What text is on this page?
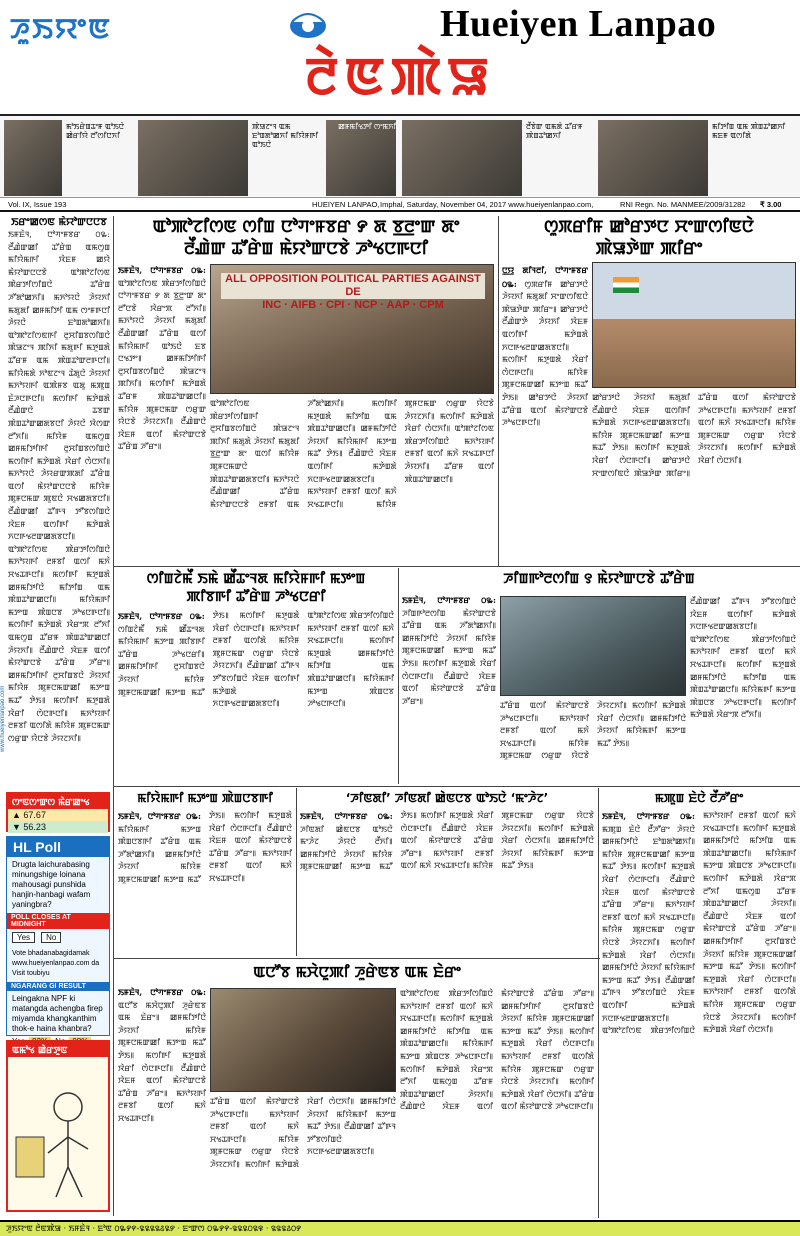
ꯍꯨꯏꯌꯦꯟ	Hueiyen Lanpao
ꯂꯥꯟꯄꯥꯎ
ꯃꯣꯏꯔꯥꯡꯊꯦꯝ ꯑꯣꯏꯅꯥ ꯀꯥꯔꯤꯌꯥ ꯂꯧꯁꯤꯅꯈꯤ
ꯄꯥꯎꯖꯦꯜ ꯑꯃ ꯐꯣꯡꯗꯣꯀꯈꯤ ꯃꯤꯌꯥꯝꯒꯤ ꯑꯣꯏꯅꯥ
ꯀꯝꯃꯤꯠꯇꯤ ꯁꯦꯃꯈꯤ	ꯂꯩꯕꯥꯛ ꯑꯃꯗꯥ ꯊꯧꯔꯝ ꯄꯥꯡꯊꯣꯀꯈꯤ
ꯃꯤꯇꯤꯡ ꯑꯃ ꯄꯥꯡꯊꯣꯀꯈꯤ ꯃꯐꯝ ꯑꯁꯤꯗꯥ
Vol. IX, Issue 193	HUEIYEN LANPAO, Imphal, Saturday, November 04, 2017 www.hueiyenlanpao.com,	RNI Regn. No. MANMEE/2009/31282 ₹ 3.00
www.hueiyenlanpao.com
ꯏꯔꯦꯀꯁꯟ ꯃꯥꯌꯣꯛꯅꯅꯕ

ꯏꯝꯐꯥꯜ, ꯅꯣꯚꯦꯝꯕꯔ ꯰꯳: ꯂꯩꯉꯥꯛꯀꯤ ꯊꯧꯔꯥꯡ ꯑꯃꯁꯨꯡ ꯃꯤꯌꯥꯃꯒꯤ ꯋꯥꯐꯝ ꯀꯌꯥ ꯃꯥꯌꯣꯛꯅꯅꯕꯥ ꯑꯣꯄꯣꯖꯤꯁꯟ ꯄꯥꯔꯇꯤꯁꯤꯡꯅꯥ ꯊꯧꯔꯥꯡ ꯍꯧꯗꯣꯀꯈꯤ꯫ ꯃꯈꯣꯌꯅꯥ ꯍꯥꯌꯈꯤ ꯃꯗꯨꯗꯤ ꯀꯝꯃꯤꯇꯤ ꯑꯃ ꯁꯦꯝꯒꯅꯤ ꯍꯥꯌꯅꯥ ꯐꯣꯡꯗꯣꯀꯈꯤ꯫ ꯑꯣꯄꯣꯖꯤꯁꯟꯒꯤ ꯂꯨꯆꯤꯡꯕꯁꯤꯡꯅꯥ ꯄꯥꯎꯖꯦꯜ ꯄꯤꯈꯤ ꯃꯗꯨꯒꯤ ꯃꯇꯨꯡꯗꯥ ꯊꯧꯔꯝ ꯑꯃ ꯄꯥꯡꯊꯣꯛꯂꯒꯅꯤ꯫ ꯃꯤꯌꯥꯃꯗꯥ ꯈꯣꯟꯖꯦꯜ ꯊꯥꯗꯨꯅꯥ ꯍꯥꯌꯈꯤ ꯃꯈꯣꯌꯒꯤ ꯑꯄꯥꯝꯕ ꯑꯗꯨ ꯃꯄꯨꯡ ꯐꯥꯍꯅꯒꯅꯤ꯫ ꯃꯁꯤꯒꯤ ꯃꯇꯥꯡꯗꯥ ꯂꯩꯉꯥꯛꯅꯥ ꯊꯕꯛ ꯄꯥꯡꯊꯣꯛꯀꯗꯕꯅꯤ ꯍꯥꯌꯅꯥ ꯋꯥꯁꯛ ꯂꯧꯈꯤ꯫ ꯃꯤꯌꯥꯝ ꯑꯃꯁꯨꯡ ꯀꯝꯃꯤꯇꯤꯒꯤ ꯂꯨꯆꯤꯡꯕꯁꯤꯡꯅꯥ ꯃꯁꯤꯒꯤ ꯃꯇꯥꯡꯗꯥ ꯋꯥꯔꯤ ꯁꯥꯅꯈꯤ꯫ ꯃꯈꯣꯌꯅꯥ ꯍꯥꯌꯔꯛꯄꯗꯤ ꯊꯧꯔꯥꯡ ꯑꯁꯤ ꯃꯥꯌꯣꯛꯅꯅꯕꯥ ꯃꯤꯌꯥꯝ ꯄꯨꯝꯅꯃꯛ ꯄꯨꯟꯅꯥ ꯆꯠꯀꯗꯕꯅꯤ꯫ ꯂꯩꯉꯥꯛꯀꯤ ꯊꯧꯒꯜ ꯇꯧꯕꯁꯤꯡꯅꯥ ꯋꯥꯐꯝ ꯑꯁꯤꯒꯤ ꯃꯇꯥꯡꯗꯥ ꯈꯅꯒꯠꯂꯛꯀꯗꯕꯅꯤ꯫ ꯑꯣꯄꯣꯖꯤꯁꯟ ꯄꯥꯔꯇꯤꯁꯤꯡꯅꯥ ꯃꯈꯣꯌꯒꯤ ꯂꯝꯕꯤ ꯑꯁꯤ ꯃꯈꯥ ꯆꯠꯊꯒꯅꯤ꯫ ꯃꯁꯤꯒꯤ ꯃꯇꯨꯡꯗꯥ ꯀꯝꯃꯤꯇꯤꯅꯥ ꯃꯤꯇꯤꯡ ꯑꯃ ꯄꯥꯡꯊꯣꯛꯀꯅꯤ꯫ ꯃꯤꯌꯥꯃꯒꯤ ꯃꯇꯦꯡ ꯄꯥꯡꯅꯕ ꯍꯣꯠꯅꯒꯅꯤ꯫ ꯃꯁꯤꯒꯤ ꯃꯇꯥꯡꯗꯥ ꯋꯥꯔꯦꯞ ꯂꯧꯈꯤ ꯑꯃꯁꯨꯡ ꯊꯧꯔꯝ ꯄꯥꯡꯊꯣꯛꯀꯅꯤ ꯍꯥꯌꯈꯤ꯫ ꯂꯩꯉꯥꯛꯅꯥ ꯋꯥꯐꯝ ꯑꯁꯤ ꯃꯥꯌꯣꯛꯅꯕꯥ ꯊꯧꯔꯥꯡ ꯍꯧꯔꯦ꯫ ꯀꯝꯃꯤꯇꯤꯒꯤ ꯂꯨꯆꯤꯡꯕꯅꯥ ꯍꯥꯌꯈꯤ ꯃꯤꯌꯥꯝ ꯄꯨꯝꯅꯃꯛꯀꯤ ꯃꯇꯦꯡ ꯃꯊꯧ ꯇꯥꯏ꯫ ꯃꯁꯤꯒꯤ ꯃꯇꯨꯡꯗꯥ ꯋꯥꯔꯤ ꯁꯥꯅꯒꯅꯤ꯫ ꯃꯈꯣꯌꯒꯤ ꯂꯝꯕꯤ ꯑꯁꯤꯗꯥ ꯃꯤꯌꯥꯝ ꯄꯨꯝꯅꯃꯛ ꯁꯔꯨꯛ ꯌꯥꯅꯕꯥ ꯍꯥꯌꯖꯈꯤ꯫

ꯁꯦꯟꯁꯦꯛꯁ ꯃꯥꯔꯀꯦꯠ
▲ 67.67
▼ 56.23
HL Poll
Drugta laichurabasing minungshige loinana mahousagi punshida hanjin-hanbagi wafam yaningbra?
POLL CLOSES AT MIDNIGHT
Yes	No
Vote bhadanabagidamak www.hueiyenlanpao.com da Visit toubiyu
NGARANG GI RESULT
Leingakna NPF ki matangda achengba firep miyamda khangkanthim thok-e haina khanbra?
ꯑꯃꯣꯠ ꯀꯥꯔꯇꯨꯟ
ꯑꯣꯄꯣꯖꯤꯁꯟ ꯁꯤꯡ ꯅꯣꯚꯦꯝꯕꯔ ꯸ ꯗ ꯕ꯭ꯂꯦꯛ ꯗꯦ
ꯂꯩꯉꯥꯛ ꯊꯧꯔꯥꯡ ꯃꯥꯌꯣꯛꯅꯕꯥ ꯍꯣꯠꯅꯒꯅꯤ
ꯏꯝꯐꯥꯜ, ꯅꯣꯚꯦꯝꯕꯔ ꯰꯳: ꯑꯣꯄꯣꯖꯤꯁꯟ ꯄꯥꯔꯇꯤꯁꯤꯡꯅꯥ ꯅꯣꯚꯦꯝꯕꯔ ꯸ ꯗ ꯕ꯭ꯂꯦꯛ ꯗꯦ ꯂꯧꯅꯕꯥ ꯋꯥꯔꯦꯞ ꯂꯧꯈꯤ꯫ ꯃꯈꯣꯌꯅꯥ ꯍꯥꯌꯈꯤ ꯃꯗꯨꯗꯤ ꯂꯩꯉꯥꯛꯀꯤ ꯊꯧꯔꯥꯡ ꯑꯁꯤ ꯃꯤꯌꯥꯃꯒꯤ ꯑꯣꯏꯅꯥ ꯐꯕ ꯅꯠꯇꯦ꯫ ꯀꯝꯃꯤꯇꯤꯒꯤ ꯂꯨꯆꯤꯡꯕꯁꯤꯡꯅꯥ ꯄꯥꯎꯖꯦꯜ ꯄꯤꯈꯤ꯫ ꯃꯁꯤꯒꯤ ꯃꯇꯥꯡꯗꯥ ꯊꯧꯔꯝ ꯄꯥꯡꯊꯣꯛꯀꯅꯤ꯫ ꯃꯤꯌꯥꯝ ꯄꯨꯝꯅꯃꯛ ꯁꯔꯨꯛ ꯌꯥꯅꯕꯥ ꯍꯥꯌꯖꯈꯤ꯫ ꯂꯩꯉꯥꯛꯅꯥ ꯋꯥꯐꯝ ꯑꯁꯤ ꯃꯥꯌꯣꯛꯅꯕꯥ ꯊꯧꯔꯥꯡ ꯍꯧꯔꯦ꯫
ALL OPPOSITION POLITICAL PARTIES AGAINST DE
INC · AIFB · CPI · NCP · AAP · CPM
ꯑꯣꯄꯣꯖꯤꯁꯟ ꯄꯥꯔꯇꯤꯁꯤꯡꯒꯤ ꯂꯨꯆꯤꯡꯕꯁꯤꯡꯅꯥ ꯄꯥꯎꯖꯦꯜ ꯄꯤꯈꯤ ꯃꯗꯨꯗꯥ ꯍꯥꯌꯈꯤ ꯃꯗꯨꯗꯤ ꯕ꯭ꯂꯦꯛ ꯗꯦ ꯑꯁꯤ ꯃꯤꯌꯥꯝ ꯄꯨꯝꯅꯃꯛꯅꯥ ꯄꯥꯡꯊꯣꯛꯀꯗꯕꯅꯤ꯫ ꯃꯈꯣꯌꯅꯥ ꯂꯩꯉꯥꯛꯀꯤ ꯊꯧꯔꯥꯡ ꯃꯥꯌꯣꯛꯅꯅꯕꯥ ꯂꯝꯕꯤ ꯑꯃ ꯍꯧꯗꯣꯀꯈꯤ꯫ ꯃꯁꯤꯒꯤ ꯃꯇꯨꯡꯗꯥ ꯃꯤꯇꯤꯡ ꯑꯃ ꯄꯥꯡꯊꯣꯛꯀꯅꯤ꯫ ꯀꯝꯃꯤꯇꯤꯅꯥ ꯍꯥꯌꯈꯤ ꯃꯤꯌꯥꯃꯒꯤ ꯃꯇꯦꯡ ꯃꯊꯧ ꯇꯥꯏ꯫ ꯂꯩꯉꯥꯛꯅꯥ ꯋꯥꯐꯝ ꯑꯁꯤꯒꯤ ꯃꯇꯥꯡꯗꯥ ꯈꯅꯒꯠꯂꯛꯀꯗꯕꯅꯤ꯫ ꯃꯈꯣꯌꯒꯤ ꯂꯝꯕꯤ ꯑꯁꯤ ꯃꯈꯥ ꯆꯠꯊꯒꯅꯤ꯫ ꯃꯤꯌꯥꯝ ꯄꯨꯝꯅꯃꯛ ꯁꯔꯨꯛ ꯌꯥꯅꯕꯥ ꯍꯥꯌꯖꯈꯤ꯫ ꯃꯁꯤꯒꯤ ꯃꯇꯥꯡꯗꯥ ꯋꯥꯔꯤ ꯁꯥꯅꯈꯤ꯫ ꯑꯣꯄꯣꯖꯤꯁꯟ ꯄꯥꯔꯇꯤꯁꯤꯡꯅꯥ ꯃꯈꯣꯌꯒꯤ ꯂꯝꯕꯤ ꯑꯁꯤ ꯃꯈꯥ ꯆꯠꯊꯒꯅꯤ ꯍꯥꯌꯈꯤ꯫ ꯊꯧꯔꯝ ꯑꯁꯤ ꯄꯥꯡꯊꯣꯛꯀꯅꯤ꯫
ꯁꯨꯞꯔꯤꯝ ꯀꯣꯔꯇꯅ ꯆꯦꯛꯁꯤꯟꯅꯥ
ꯄꯥꯎꯇꯥꯛ ꯄꯤꯔꯦ
ꯅ꯭ꯌꯨ ꯗꯤꯜꯂꯤ, ꯅꯣꯚꯦꯝꯕꯔ ꯰꯳: ꯁꯨꯞꯔꯤꯝ ꯀꯣꯔꯇꯅꯥ ꯍꯥꯌꯈꯤ ꯃꯗꯨꯗꯤ ꯆꯦꯛꯁꯤꯟꯅꯥ ꯄꯥꯎꯇꯥꯛ ꯄꯤꯔꯦ꯫ ꯀꯣꯔꯇꯅꯥ ꯂꯩꯉꯥꯛꯇꯥ ꯍꯥꯌꯈꯤ ꯋꯥꯐꯝ ꯑꯁꯤꯒꯤ ꯃꯇꯥꯡꯗꯥ ꯈꯅꯒꯠꯂꯛꯀꯗꯕꯅꯤ꯫ ꯃꯁꯤꯒꯤ ꯃꯇꯨꯡꯗꯥ ꯋꯥꯔꯤ ꯁꯥꯅꯒꯅꯤ꯫ ꯃꯤꯌꯥꯝ ꯄꯨꯝꯅꯃꯛꯀꯤ ꯃꯇꯦꯡ ꯃꯊꯧ ꯇꯥꯏ꯫ ꯀꯣꯔꯇꯅꯥ ꯍꯥꯌꯈꯤ ꯊꯧꯔꯥꯡ ꯑꯁꯤ ꯃꯥꯌꯣꯛꯅꯕꯥ ꯍꯣꯠꯅꯒꯅꯤ꯫
ꯀꯣꯔꯇꯅꯥ ꯍꯥꯌꯈꯤ ꯃꯗꯨꯗꯤ ꯂꯩꯉꯥꯛꯅꯥ ꯋꯥꯐꯝ ꯑꯁꯤꯒꯤ ꯃꯇꯥꯡꯗꯥ ꯈꯅꯒꯠꯂꯛꯀꯗꯕꯅꯤ꯫ ꯃꯤꯌꯥꯝ ꯄꯨꯝꯅꯃꯛꯀꯤ ꯃꯇꯦꯡ ꯃꯊꯧ ꯇꯥꯏ꯫ ꯃꯁꯤꯒꯤ ꯃꯇꯨꯡꯗꯥ ꯋꯥꯔꯤ ꯁꯥꯅꯒꯅꯤ꯫ ꯀꯣꯔꯇꯅꯥ ꯆꯦꯛꯁꯤꯟꯅꯥ ꯄꯥꯎꯇꯥꯛ ꯄꯤꯔꯦ꯫ ꯊꯧꯔꯥꯡ ꯑꯁꯤ ꯃꯥꯌꯣꯛꯅꯕꯥ ꯍꯣꯠꯅꯒꯅꯤ꯫ ꯃꯈꯣꯌꯒꯤ ꯂꯝꯕꯤ ꯑꯁꯤ ꯃꯈꯥ ꯆꯠꯊꯒꯅꯤ꯫ ꯃꯤꯌꯥꯝ ꯄꯨꯝꯅꯃꯛ ꯁꯔꯨꯛ ꯌꯥꯅꯕꯥ ꯍꯥꯌꯖꯈꯤ꯫ ꯃꯁꯤꯒꯤ ꯃꯇꯥꯡꯗꯥ ꯋꯥꯔꯤ ꯁꯥꯅꯈꯤ꯫
ꯁꯤꯡꯖꯥꯃꯩ ꯏꯃꯥ ꯀꯩꯊꯦꯜꯗ ꯃꯤꯌꯥꯝꯒꯤ ꯃꯇꯦꯡ
ꯄꯤꯕꯒꯤ ꯊꯧꯔꯥꯡ ꯍꯣꯠꯅꯔꯤ
ꯏꯝꯐꯥꯜ, ꯅꯣꯚꯦꯝꯕꯔ ꯰꯳: ꯁꯤꯡꯖꯥꯃꯩ ꯏꯃꯥ ꯀꯩꯊꯦꯜꯗ ꯃꯤꯌꯥꯃꯒꯤ ꯃꯇꯦꯡ ꯄꯤꯕꯒꯤ ꯊꯧꯔꯥꯡ ꯍꯣꯠꯅꯔꯤ꯫ ꯀꯝꯃꯤꯇꯤꯒꯤ ꯂꯨꯆꯤꯡꯕꯅꯥ ꯍꯥꯌꯈꯤ ꯃꯤꯌꯥꯝ ꯄꯨꯝꯅꯃꯛꯀꯤ ꯃꯇꯦꯡ ꯃꯊꯧ ꯇꯥꯏ꯫ ꯃꯁꯤꯒꯤ ꯃꯇꯨꯡꯗꯥ ꯋꯥꯔꯤ ꯁꯥꯅꯒꯅꯤ꯫ ꯃꯈꯣꯌꯒꯤ ꯂꯝꯕꯤ ꯑꯁꯤꯗꯥ ꯃꯤꯌꯥꯝ ꯄꯨꯝꯅꯃꯛ ꯁꯔꯨꯛ ꯌꯥꯅꯕꯥ ꯍꯥꯌꯖꯈꯤ꯫ ꯂꯩꯉꯥꯛꯀꯤ ꯊꯧꯒꯜ ꯇꯧꯕꯁꯤꯡꯅꯥ ꯋꯥꯐꯝ ꯑꯁꯤꯒꯤ ꯃꯇꯥꯡꯗꯥ ꯈꯅꯒꯠꯂꯛꯀꯗꯕꯅꯤ꯫ ꯑꯣꯄꯣꯖꯤꯁꯟ ꯄꯥꯔꯇꯤꯁꯤꯡꯅꯥ ꯃꯈꯣꯌꯒꯤ ꯂꯝꯕꯤ ꯑꯁꯤ ꯃꯈꯥ ꯆꯠꯊꯒꯅꯤ꯫ ꯃꯁꯤꯒꯤ ꯃꯇꯨꯡꯗꯥ ꯀꯝꯃꯤꯇꯤꯅꯥ ꯃꯤꯇꯤꯡ ꯑꯃ ꯄꯥꯡꯊꯣꯛꯀꯅꯤ꯫ ꯃꯤꯌꯥꯃꯒꯤ ꯃꯇꯦꯡ ꯄꯥꯡꯅꯕ ꯍꯣꯠꯅꯒꯅꯤ꯫
ꯍꯤꯡꯒꯣꯂꯁꯤꯡ ꯱ ꯃꯥꯌꯣꯛꯅꯕꯥ ꯊꯧꯔꯥꯡ
ꯏꯝꯐꯥꯜ, ꯅꯣꯚꯦꯝꯕꯔ ꯰꯳: ꯍꯤꯡꯒꯣꯂꯁꯤꯡ ꯃꯥꯌꯣꯛꯅꯕꯥ ꯊꯧꯔꯥꯡ ꯑꯃ ꯍꯧꯗꯣꯀꯈꯤ꯫ ꯀꯝꯃꯤꯇꯤꯅꯥ ꯍꯥꯌꯈꯤ ꯃꯤꯌꯥꯝ ꯄꯨꯝꯅꯃꯛꯀꯤ ꯃꯇꯦꯡ ꯃꯊꯧ ꯇꯥꯏ꯫ ꯃꯁꯤꯒꯤ ꯃꯇꯨꯡꯗꯥ ꯋꯥꯔꯤ ꯁꯥꯅꯒꯅꯤ꯫ ꯂꯩꯉꯥꯛꯅꯥ ꯋꯥꯐꯝ ꯑꯁꯤ ꯃꯥꯌꯣꯛꯅꯕꯥ ꯊꯧꯔꯥꯡ ꯍꯧꯔꯦ꯫	ꯊꯧꯔꯥꯡ ꯑꯁꯤ ꯃꯥꯌꯣꯛꯅꯕꯥ ꯍꯣꯠꯅꯒꯅꯤ꯫ ꯃꯈꯣꯌꯒꯤ ꯂꯝꯕꯤ ꯑꯁꯤ ꯃꯈꯥ ꯆꯠꯊꯒꯅꯤ꯫ ꯃꯤꯌꯥꯝ ꯄꯨꯝꯅꯃꯛ ꯁꯔꯨꯛ ꯌꯥꯅꯕꯥ ꯍꯥꯌꯖꯈꯤ꯫ ꯃꯁꯤꯒꯤ ꯃꯇꯥꯡꯗꯥ ꯋꯥꯔꯤ ꯁꯥꯅꯈꯤ꯫ ꯀꯝꯃꯤꯇꯤꯅꯥ ꯍꯥꯌꯈꯤ ꯃꯤꯌꯥꯃꯒꯤ ꯃꯇꯦꯡ ꯃꯊꯧ ꯇꯥꯏ꯫
ꯂꯩꯉꯥꯛꯀꯤ ꯊꯧꯒꯜ ꯇꯧꯕꯁꯤꯡꯅꯥ ꯋꯥꯐꯝ ꯑꯁꯤꯒꯤ ꯃꯇꯥꯡꯗꯥ ꯈꯅꯒꯠꯂꯛꯀꯗꯕꯅꯤ꯫ ꯑꯣꯄꯣꯖꯤꯁꯟ ꯄꯥꯔꯇꯤꯁꯤꯡꯅꯥ ꯃꯈꯣꯌꯒꯤ ꯂꯝꯕꯤ ꯑꯁꯤ ꯃꯈꯥ ꯆꯠꯊꯒꯅꯤ꯫ ꯃꯁꯤꯒꯤ ꯃꯇꯨꯡꯗꯥ ꯀꯝꯃꯤꯇꯤꯅꯥ ꯃꯤꯇꯤꯡ ꯑꯃ ꯄꯥꯡꯊꯣꯛꯀꯅꯤ꯫ ꯃꯤꯌꯥꯃꯒꯤ ꯃꯇꯦꯡ ꯄꯥꯡꯅꯕ ꯍꯣꯠꯅꯒꯅꯤ꯫ ꯃꯁꯤꯒꯤ ꯃꯇꯥꯡꯗꯥ ꯋꯥꯔꯦꯞ ꯂꯧꯈꯤ꯫
ꯃꯤꯌꯥꯃꯒꯤ ꯃꯇꯦꯡ ꯄꯥꯡꯅꯕꯒꯤ
ꯏꯝꯐꯥꯜ, ꯅꯣꯚꯦꯝꯕꯔ ꯰꯳: ꯃꯤꯌꯥꯃꯒꯤ ꯃꯇꯦꯡ ꯄꯥꯡꯅꯕꯒꯤ ꯊꯧꯔꯥꯡ ꯑꯃ ꯍꯧꯗꯣꯀꯈꯤ꯫ ꯀꯝꯃꯤꯇꯤꯅꯥ ꯍꯥꯌꯈꯤ ꯃꯤꯌꯥꯝ ꯄꯨꯝꯅꯃꯛꯀꯤ ꯃꯇꯦꯡ ꯃꯊꯧ ꯇꯥꯏ꯫ ꯃꯁꯤꯒꯤ ꯃꯇꯨꯡꯗꯥ ꯋꯥꯔꯤ ꯁꯥꯅꯒꯅꯤ꯫ ꯂꯩꯉꯥꯛꯅꯥ ꯋꯥꯐꯝ ꯑꯁꯤ ꯃꯥꯌꯣꯛꯅꯕꯥ ꯊꯧꯔꯥꯡ ꯍꯧꯔꯦ꯫ ꯃꯈꯣꯌꯒꯤ ꯂꯝꯕꯤ ꯑꯁꯤ ꯃꯈꯥ ꯆꯠꯊꯒꯅꯤ꯫
‘ꯍꯤꯟꯗꯤ’ ꯍꯤꯟꯗꯤ ꯀꯥꯟꯅꯕ ꯑꯣꯏꯅꯥ ‘ꯃꯦꯍꯥꯖ’
ꯏꯝꯐꯥꯜ, ꯅꯣꯚꯦꯝꯕꯔ ꯰꯳: ꯍꯤꯟꯗꯤ ꯀꯥꯟꯅꯕ ꯑꯣꯏꯅꯥ ꯃꯦꯍꯥꯖ ꯍꯥꯌꯅꯥ ꯂꯩꯈꯤ꯫ ꯀꯝꯃꯤꯇꯤꯅꯥ ꯍꯥꯌꯈꯤ ꯃꯤꯌꯥꯝ ꯄꯨꯝꯅꯃꯛꯀꯤ ꯃꯇꯦꯡ ꯃꯊꯧ ꯇꯥꯏ꯫ ꯃꯁꯤꯒꯤ ꯃꯇꯨꯡꯗꯥ ꯋꯥꯔꯤ ꯁꯥꯅꯒꯅꯤ꯫ ꯂꯩꯉꯥꯛꯅꯥ ꯋꯥꯐꯝ ꯑꯁꯤ ꯃꯥꯌꯣꯛꯅꯕꯥ ꯊꯧꯔꯥꯡ ꯍꯧꯔꯦ꯫ ꯃꯈꯣꯌꯒꯤ ꯂꯝꯕꯤ ꯑꯁꯤ ꯃꯈꯥ ꯆꯠꯊꯒꯅꯤ꯫ ꯃꯤꯌꯥꯝ ꯄꯨꯝꯅꯃꯛ ꯁꯔꯨꯛ ꯌꯥꯅꯕꯥ ꯍꯥꯌꯖꯈꯤ꯫ ꯃꯁꯤꯒꯤ ꯃꯇꯥꯡꯗꯥ ꯋꯥꯔꯤ ꯁꯥꯅꯈꯤ꯫ ꯀꯝꯃꯤꯇꯤꯅꯥ ꯍꯥꯌꯈꯤ ꯃꯤꯌꯥꯃꯒꯤ ꯃꯇꯦꯡ ꯃꯊꯧ ꯇꯥꯏ꯫
ꯃꯄꯨꯡ ꯐꯥꯅꯥ ꯂꯩꯍꯧꯔꯦ
ꯏꯝꯐꯥꯜ, ꯅꯣꯚꯦꯝꯕꯔ ꯰꯳: ꯃꯄꯨꯡ ꯐꯥꯅꯥ ꯂꯩꯍꯧꯔꯦ ꯍꯥꯌꯅꯥ ꯀꯝꯃꯤꯇꯤꯅꯥ ꯐꯣꯡꯗꯣꯀꯈꯤ꯫ ꯃꯤꯌꯥꯝ ꯄꯨꯝꯅꯃꯛꯀꯤ ꯃꯇꯦꯡ ꯃꯊꯧ ꯇꯥꯏ꯫ ꯃꯁꯤꯒꯤ ꯃꯇꯨꯡꯗꯥ ꯋꯥꯔꯤ ꯁꯥꯅꯒꯅꯤ꯫ ꯂꯩꯉꯥꯛꯅꯥ ꯋꯥꯐꯝ ꯑꯁꯤ ꯃꯥꯌꯣꯛꯅꯕꯥ ꯊꯧꯔꯥꯡ ꯍꯧꯔꯦ꯫ ꯃꯈꯣꯌꯒꯤ ꯂꯝꯕꯤ ꯑꯁꯤ ꯃꯈꯥ ꯆꯠꯊꯒꯅꯤ꯫ ꯃꯤꯌꯥꯝ ꯄꯨꯝꯅꯃꯛ ꯁꯔꯨꯛ ꯌꯥꯅꯕꯥ ꯍꯥꯌꯖꯈꯤ꯫ ꯃꯁꯤꯒꯤ ꯃꯇꯥꯡꯗꯥ ꯋꯥꯔꯤ ꯁꯥꯅꯈꯤ꯫ ꯀꯝꯃꯤꯇꯤꯅꯥ ꯍꯥꯌꯈꯤ ꯃꯤꯌꯥꯃꯒꯤ ꯃꯇꯦꯡ ꯃꯊꯧ ꯇꯥꯏ꯫ ꯂꯩꯉꯥꯛꯀꯤ ꯊꯧꯒꯜ ꯇꯧꯕꯁꯤꯡꯅꯥ ꯋꯥꯐꯝ ꯑꯁꯤꯒꯤ ꯃꯇꯥꯡꯗꯥ ꯈꯅꯒꯠꯂꯛꯀꯗꯕꯅꯤ꯫ ꯑꯣꯄꯣꯖꯤꯁꯟ ꯄꯥꯔꯇꯤꯁꯤꯡꯅꯥ ꯃꯈꯣꯌꯒꯤ ꯂꯝꯕꯤ ꯑꯁꯤ ꯃꯈꯥ ꯆꯠꯊꯒꯅꯤ꯫ ꯃꯁꯤꯒꯤ ꯃꯇꯨꯡꯗꯥ ꯀꯝꯃꯤꯇꯤꯅꯥ ꯃꯤꯇꯤꯡ ꯑꯃ ꯄꯥꯡꯊꯣꯛꯀꯅꯤ꯫ ꯃꯤꯌꯥꯃꯒꯤ ꯃꯇꯦꯡ ꯄꯥꯡꯅꯕ ꯍꯣꯠꯅꯒꯅꯤ꯫ ꯃꯁꯤꯒꯤ ꯃꯇꯥꯡꯗꯥ ꯋꯥꯔꯦꯞ ꯂꯧꯈꯤ ꯑꯃꯁꯨꯡ ꯊꯧꯔꯝ ꯄꯥꯡꯊꯣꯛꯀꯅꯤ ꯍꯥꯌꯈꯤ꯫ ꯂꯩꯉꯥꯛꯅꯥ ꯋꯥꯐꯝ ꯑꯁꯤ ꯃꯥꯌꯣꯛꯅꯕꯥ ꯊꯧꯔꯥꯡ ꯍꯧꯔꯦ꯫ ꯀꯝꯃꯤꯇꯤꯒꯤ ꯂꯨꯆꯤꯡꯕꯅꯥ ꯍꯥꯌꯈꯤ ꯃꯤꯌꯥꯝ ꯄꯨꯝꯅꯃꯛꯀꯤ ꯃꯇꯦꯡ ꯃꯊꯧ ꯇꯥꯏ꯫ ꯃꯁꯤꯒꯤ ꯃꯇꯨꯡꯗꯥ ꯋꯥꯔꯤ ꯁꯥꯅꯒꯅꯤ꯫ ꯃꯈꯣꯌꯒꯤ ꯂꯝꯕꯤ ꯑꯁꯤꯗꯥ ꯃꯤꯌꯥꯝ ꯄꯨꯝꯅꯃꯛ ꯁꯔꯨꯛ ꯌꯥꯅꯕꯥ ꯍꯥꯌꯖꯈꯤ꯫ ꯃꯁꯤꯒꯤ ꯃꯇꯥꯡꯗꯥ ꯋꯥꯔꯤ ꯁꯥꯅꯈꯤ꯫
ꯑꯅꯧꯕ ꯃꯆꯥꯅꯨꯄꯤ ꯍꯨꯔꯥꯟꯕ ꯑꯃ ꯐꯥꯔꯦ
ꯏꯝꯐꯥꯜ, ꯅꯣꯚꯦꯝꯕꯔ ꯰꯳: ꯑꯅꯧꯕ ꯃꯆꯥꯅꯨꯄꯤ ꯍꯨꯔꯥꯟꯕ ꯑꯃ ꯐꯥꯔꯦ꯫ ꯀꯝꯃꯤꯇꯤꯅꯥ ꯍꯥꯌꯈꯤ ꯃꯤꯌꯥꯝ ꯄꯨꯝꯅꯃꯛꯀꯤ ꯃꯇꯦꯡ ꯃꯊꯧ ꯇꯥꯏ꯫ ꯃꯁꯤꯒꯤ ꯃꯇꯨꯡꯗꯥ ꯋꯥꯔꯤ ꯁꯥꯅꯒꯅꯤ꯫ ꯂꯩꯉꯥꯛꯅꯥ ꯋꯥꯐꯝ ꯑꯁꯤ ꯃꯥꯌꯣꯛꯅꯕꯥ ꯊꯧꯔꯥꯡ ꯍꯧꯔꯦ꯫ ꯃꯈꯣꯌꯒꯤ ꯂꯝꯕꯤ ꯑꯁꯤ ꯃꯈꯥ ꯆꯠꯊꯒꯅꯤ꯫
ꯊꯧꯔꯥꯡ ꯑꯁꯤ ꯃꯥꯌꯣꯛꯅꯕꯥ ꯍꯣꯠꯅꯒꯅꯤ꯫ ꯃꯈꯣꯌꯒꯤ ꯂꯝꯕꯤ ꯑꯁꯤ ꯃꯈꯥ ꯆꯠꯊꯒꯅꯤ꯫ ꯃꯤꯌꯥꯝ ꯄꯨꯝꯅꯃꯛ ꯁꯔꯨꯛ ꯌꯥꯅꯕꯥ ꯍꯥꯌꯖꯈꯤ꯫ ꯃꯁꯤꯒꯤ ꯃꯇꯥꯡꯗꯥ ꯋꯥꯔꯤ ꯁꯥꯅꯈꯤ꯫ ꯀꯝꯃꯤꯇꯤꯅꯥ ꯍꯥꯌꯈꯤ ꯃꯤꯌꯥꯃꯒꯤ ꯃꯇꯦꯡ ꯃꯊꯧ ꯇꯥꯏ꯫ ꯂꯩꯉꯥꯛꯀꯤ ꯊꯧꯒꯜ ꯇꯧꯕꯁꯤꯡꯅꯥ ꯈꯅꯒꯠꯂꯛꯀꯗꯕꯅꯤ꯫
ꯑꯣꯄꯣꯖꯤꯁꯟ ꯄꯥꯔꯇꯤꯁꯤꯡꯅꯥ ꯃꯈꯣꯌꯒꯤ ꯂꯝꯕꯤ ꯑꯁꯤ ꯃꯈꯥ ꯆꯠꯊꯒꯅꯤ꯫ ꯃꯁꯤꯒꯤ ꯃꯇꯨꯡꯗꯥ ꯀꯝꯃꯤꯇꯤꯅꯥ ꯃꯤꯇꯤꯡ ꯑꯃ ꯄꯥꯡꯊꯣꯛꯀꯅꯤ꯫ ꯃꯤꯌꯥꯃꯒꯤ ꯃꯇꯦꯡ ꯄꯥꯡꯅꯕ ꯍꯣꯠꯅꯒꯅꯤ꯫ ꯃꯁꯤꯒꯤ ꯃꯇꯥꯡꯗꯥ ꯋꯥꯔꯦꯞ ꯂꯧꯈꯤ ꯑꯃꯁꯨꯡ ꯊꯧꯔꯝ ꯄꯥꯡꯊꯣꯛꯀꯅꯤ ꯍꯥꯌꯈꯤ꯫ ꯂꯩꯉꯥꯛꯅꯥ ꯋꯥꯐꯝ ꯑꯁꯤ ꯃꯥꯌꯣꯛꯅꯕꯥ ꯊꯧꯔꯥꯡ ꯍꯧꯔꯦ꯫ ꯀꯝꯃꯤꯇꯤꯒꯤ ꯂꯨꯆꯤꯡꯕꯅꯥ ꯍꯥꯌꯈꯤ ꯃꯤꯌꯥꯝ ꯄꯨꯝꯅꯃꯛꯀꯤ ꯃꯇꯦꯡ ꯃꯊꯧ ꯇꯥꯏ꯫ ꯃꯁꯤꯒꯤ ꯃꯇꯨꯡꯗꯥ ꯋꯥꯔꯤ ꯁꯥꯅꯒꯅꯤ꯫ ꯃꯈꯣꯌꯒꯤ ꯂꯝꯕꯤ ꯑꯁꯤꯗꯥ ꯃꯤꯌꯥꯝ ꯄꯨꯝꯅꯃꯛ ꯁꯔꯨꯛ ꯌꯥꯅꯕꯥ ꯍꯥꯌꯖꯈꯤ꯫ ꯃꯁꯤꯒꯤ ꯃꯇꯥꯡꯗꯥ ꯋꯥꯔꯤ ꯁꯥꯅꯈꯤ꯫ ꯊꯧꯔꯥꯡ ꯑꯁꯤ ꯃꯥꯌꯣꯛꯅꯕꯥ ꯍꯣꯠꯅꯒꯅꯤ꯫
ꯍꯨꯏꯌꯦꯟ ꯂꯥꯟꯄꯥꯎ · ꯏꯝꯐꯥꯜ · ꯐꯣꯟ ꯰꯳꯸꯵-꯲꯲꯲꯲꯴꯲꯸ · ꯐꯦꯛꯁ ꯰꯳꯸꯵-꯲꯲꯲꯰꯲꯶ · ꯲꯲꯲꯴꯰꯸
